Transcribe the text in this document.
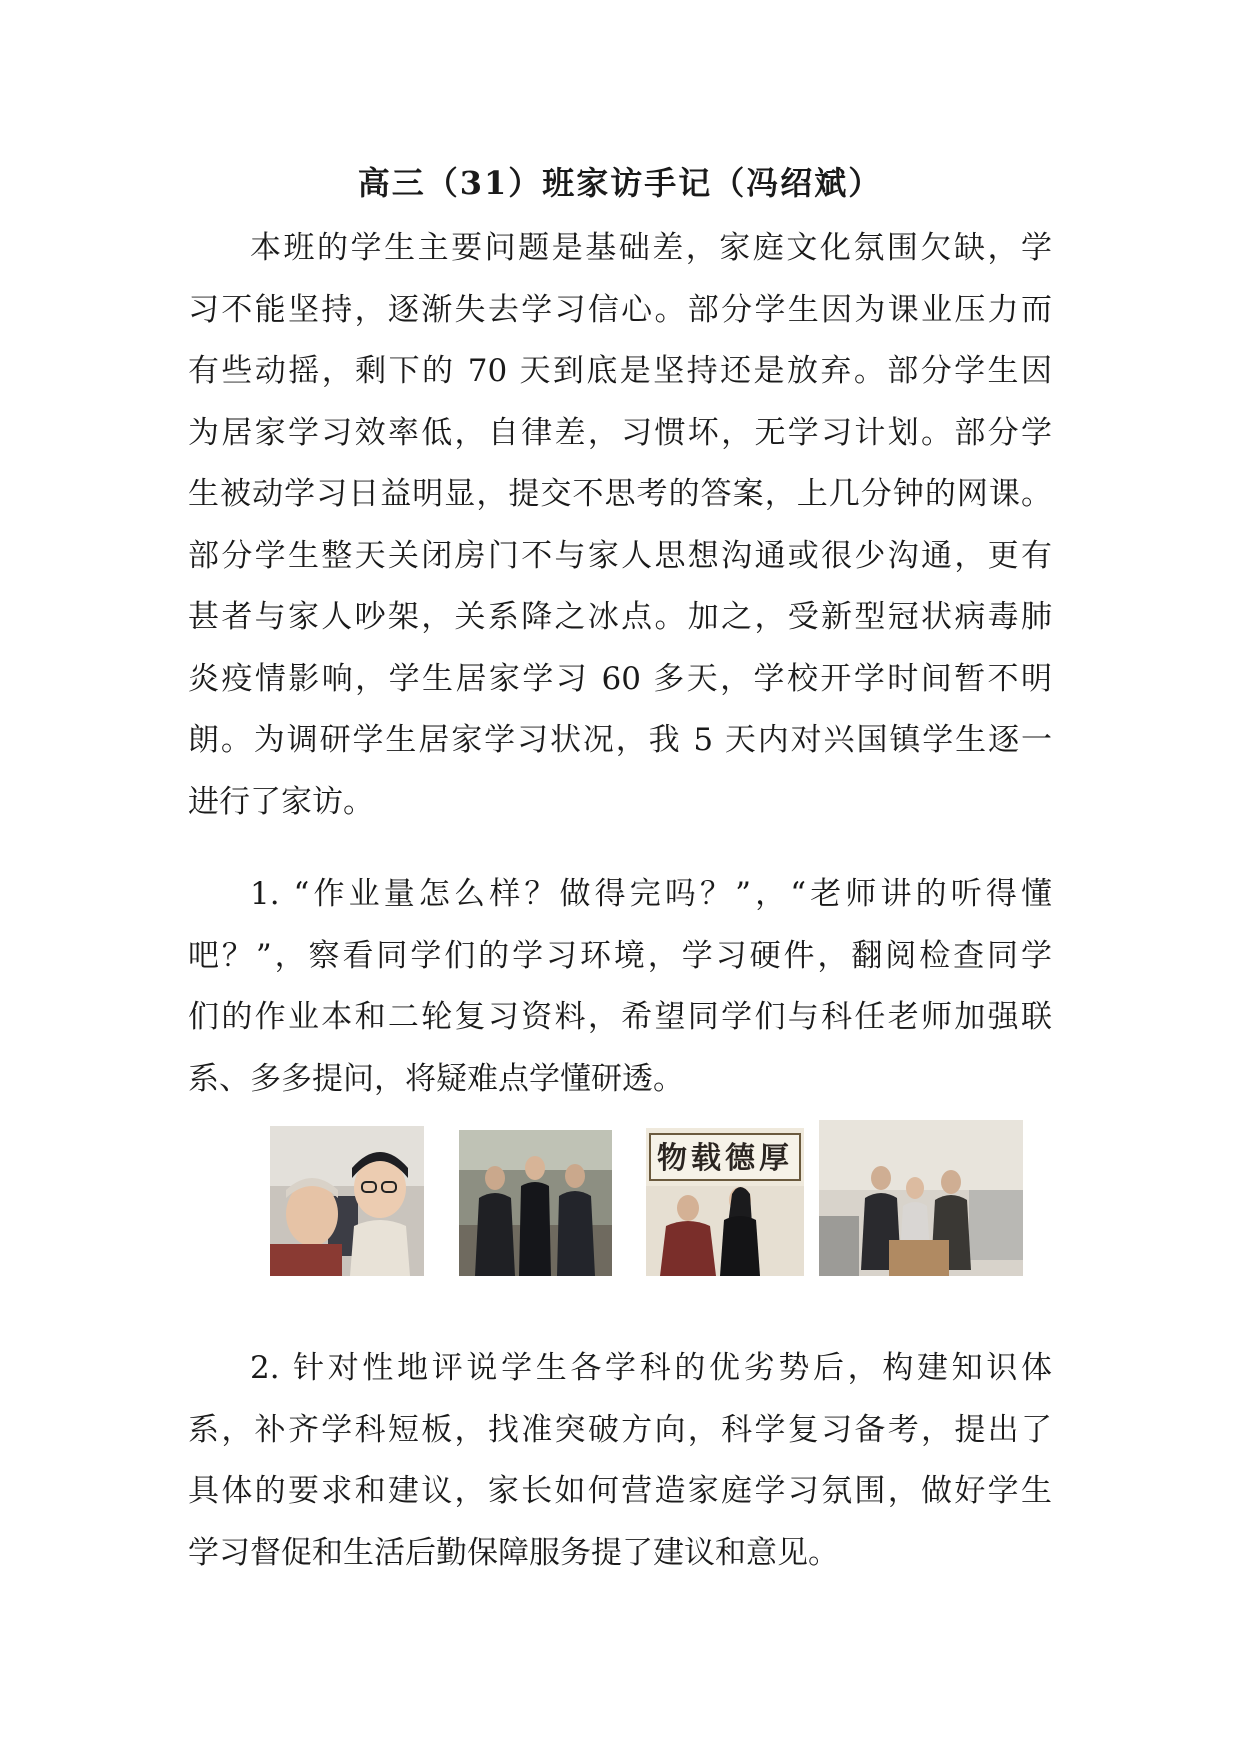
高三（31）班家访手记（冯绍斌）
本班的学生主要问题是基础差，家庭文化氛围欠缺，学
习不能坚持，逐渐失去学习信心。部分学生因为课业压力而
有些动摇，剩下的 70 天到底是坚持还是放弃。部分学生因
为居家学习效率低，自律差，习惯坏，无学习计划。部分学
生被动学习日益明显，提交不思考的答案，上几分钟的网课。
部分学生整天关闭房门不与家人思想沟通或很少沟通，更有
甚者与家人吵架，关系降之冰点。加之，受新型冠状病毒肺
炎疫情影响，学生居家学习 60 多天，学校开学时间暂不明
朗。为调研学生居家学习状况，我 5 天内对兴国镇学生逐一
进行了家访。
1. “作业量怎么样？做得完吗？”，“老师讲的听得懂
吧？”，察看同学们的学习环境，学习硬件，翻阅检查同学
们的作业本和二轮复习资料，希望同学们与科任老师加强联
系、多多提问，将疑难点学懂研透。
物载德厚
2. 针对性地评说学生各学科的优劣势后，构建知识体
系，补齐学科短板，找准突破方向，科学复习备考，提出了
具体的要求和建议，家长如何营造家庭学习氛围，做好学生
学习督促和生活后勤保障服务提了建议和意见。
